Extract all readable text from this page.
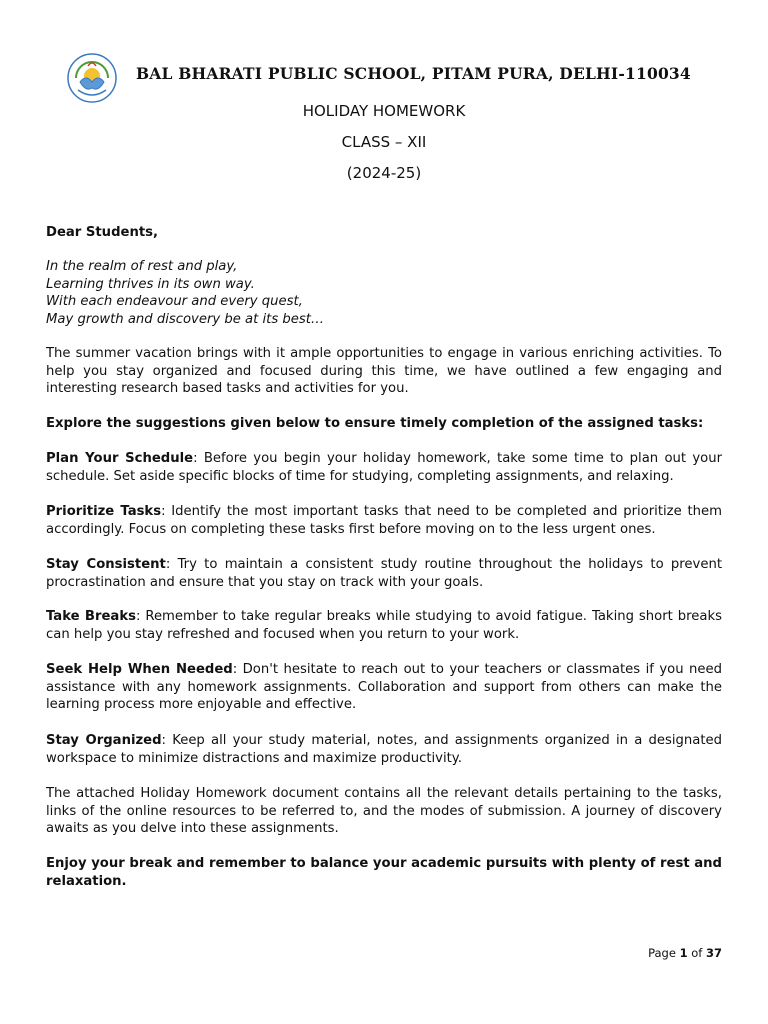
BAL BHARATI PUBLIC SCHOOL, PITAM PURA, DELHI-110034
HOLIDAY HOMEWORK
CLASS – XII
(2024-25)
Dear Students,
In the realm of rest and play,
Learning thrives in its own way.
With each endeavour and every quest,
May growth and discovery be at its best…
The summer vacation brings with it ample opportunities to engage in various enriching activities. To help you stay organized and focused during this time, we have outlined a few engaging and interesting research based tasks and activities for you.
Explore the suggestions given below to ensure timely completion of the assigned tasks:
Plan Your Schedule: Before you begin your holiday homework, take some time to plan out your schedule. Set aside specific blocks of time for studying, completing assignments, and relaxing.
Prioritize Tasks: Identify the most important tasks that need to be completed and prioritize them accordingly. Focus on completing these tasks first before moving on to the less urgent ones.
Stay Consistent: Try to maintain a consistent study routine throughout the holidays to prevent procrastination and ensure that you stay on track with your goals.
Take Breaks: Remember to take regular breaks while studying to avoid fatigue. Taking short breaks can help you stay refreshed and focused when you return to your work.
Seek Help When Needed: Don't hesitate to reach out to your teachers or classmates if you need assistance with any homework assignments. Collaboration and support from others can make the learning process more enjoyable and effective.
Stay Organized: Keep all your study material, notes, and assignments organized in a designated workspace to minimize distractions and maximize productivity.
The attached Holiday Homework document contains all the relevant details pertaining to the tasks, links of the online resources to be referred to, and the modes of submission. A journey of discovery awaits as you delve into these assignments.
Enjoy your break and remember to balance your academic pursuits with plenty of rest and relaxation.
Page 1 of 37
